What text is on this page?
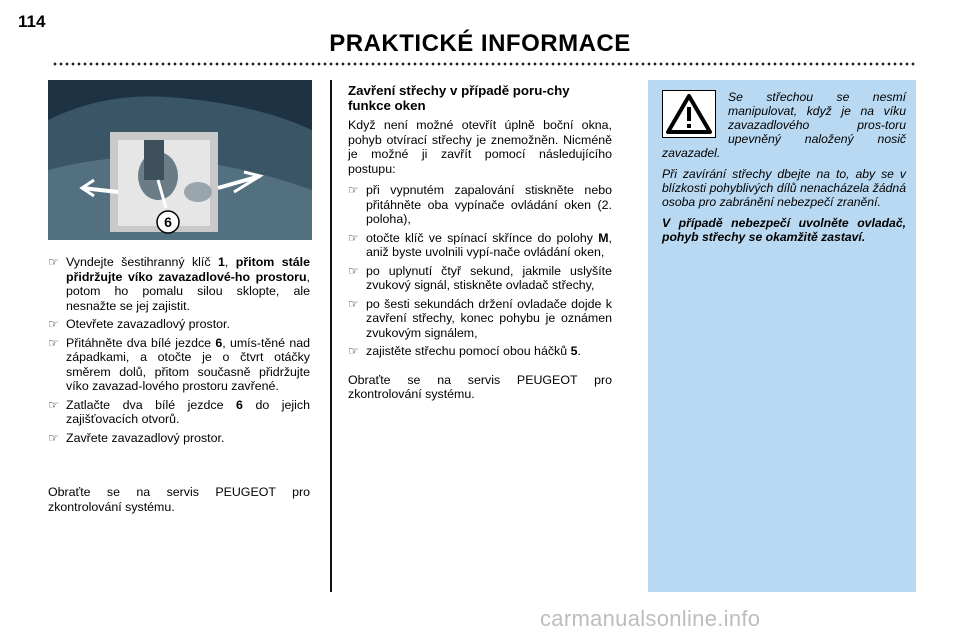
114
PRAKTICKÉ INFORMACE
6
☞ Vyndejte šestihranný klíč 1, přitom stále přidržujte víko zavazadlové-ho prostoru, potom ho pomalu silou sklopte, ale nesnažte se jej zajistit.
☞ Otevřete zavazadlový prostor.
☞ Přitáhněte dva bílé jezdce 6, umís-těné nad západkami, a otočte je o čtvrt otáčky směrem dolů, přitom současně přidržujte víko zavazad-lového prostoru zavřené.
☞ Zatlačte dva bílé jezdce 6 do jejich zajišťovacích otvorů.
☞ Zavřete zavazadlový prostor.

Obraťte se na servis PEUGEOT pro zkontrolování systému.

Zavření střechy v případě poru-chy funkce oken

Když není možné otevřít úplně boční okna, pohyb otvírací střechy je znemožněn. Nicméně je možné ji zavřít pomocí následujícího postupu:

☞ při vypnutém zapalování stiskněte nebo přitáhněte oba vypínače ovládání oken (2. poloha),
☞ otočte klíč ve spínací skřínce do polohy M, aniž byste uvolnili vypí-nače ovládání oken,
☞ po uplynutí čtyř sekund, jakmile uslyšíte zvukový signál, stiskněte ovladač střechy,
☞ po šesti sekundách držení ovladače dojde k zavření střechy, konec pohybu je oznámen zvukovým signálem,
☞ zajistěte střechu pomocí obou háčků 5.

Obraťte se na servis PEUGEOT pro zkontrolování systému.

Se střechou se nesmí manipulovat, když je na víku zavazadlového pros-toru upevněný naložený nosič zavazadel.

Při zavírání střechy dbejte na to, aby se v blízkosti pohyblivých dílů nenacházela žádná osoba pro zabránění nebezpečí zranění.

V případě nebezpečí uvolněte ovladač, pohyb střechy se okamžitě zastaví.

carmanualsonline.info
